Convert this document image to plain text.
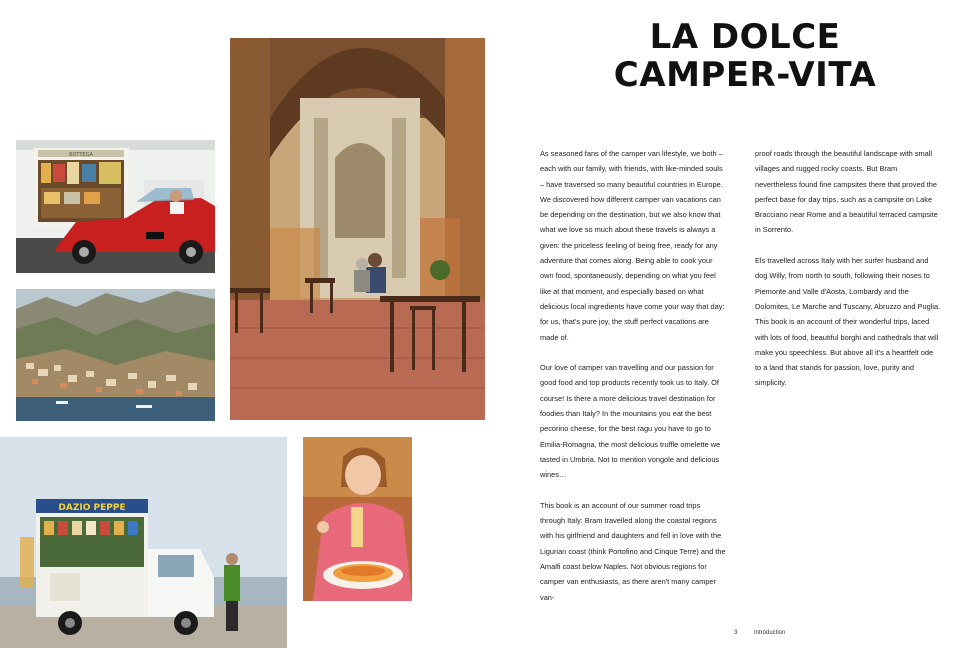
BOTTEGA
DAZIO PEPPE
LA DOLCE CAMPER-VITA

As seasoned fans of the camper van lifestyle, we both – each with our family, with friends, with like-minded souls – have traversed so many beautiful countries in Europe. We discovered how different camper van vacations can be depending on the destination, but we also know that what we love so much about these travels is always a given: the priceless feeling of being free, ready for any adventure that comes along. Being able to cook your own food, spontaneously, depending on what you feel like at that moment, and especially based on what delicious local ingredients have come your way that day: for us, that's pure joy, the stuff perfect vacations are made of.

Our love of camper van travelling and our passion for good food and top products recently took us to Italy. Of course! Is there a more delicious travel destination for foodies than Italy? In the mountains you eat the best pecorino cheese, for the best ragu you have to go to Emilia-Romagna, the most delicious truffle omelette we tasted in Umbria. Not to mention vongole and delicious wines…

This book is an account of our summer road trips through Italy: Bram travelled along the coastal regions with his girlfriend and daughters and fell in love with the Ligurian coast (think Portofino and Cinque Terre) and the Amalfi coast below Naples. Not obvious regions for camper van enthusiasts, as there aren't many camper van-

proof roads through the beautiful landscape with small villages and rugged rocky coasts. But Bram nevertheless found fine campsites there that proved the perfect base for day trips, such as a campsite on Lake Bracciano near Rome and a beautiful terraced campsite in Sorrento.

Els travelled across Italy with her surfer husband and dog Willy, from north to south, following their noses to Piemonte and Valle d'Aosta, Lombardy and the Dolomites, Le Marche and Tuscany, Abruzzo and Puglia. This book is an account of their wonderful trips, laced with lots of food, beautiful borghi and cathedrals that will make you speechless. But above all it's a heartfelt ode to a land that stands for passion, love, purity and simplicity.

3	Introduction
